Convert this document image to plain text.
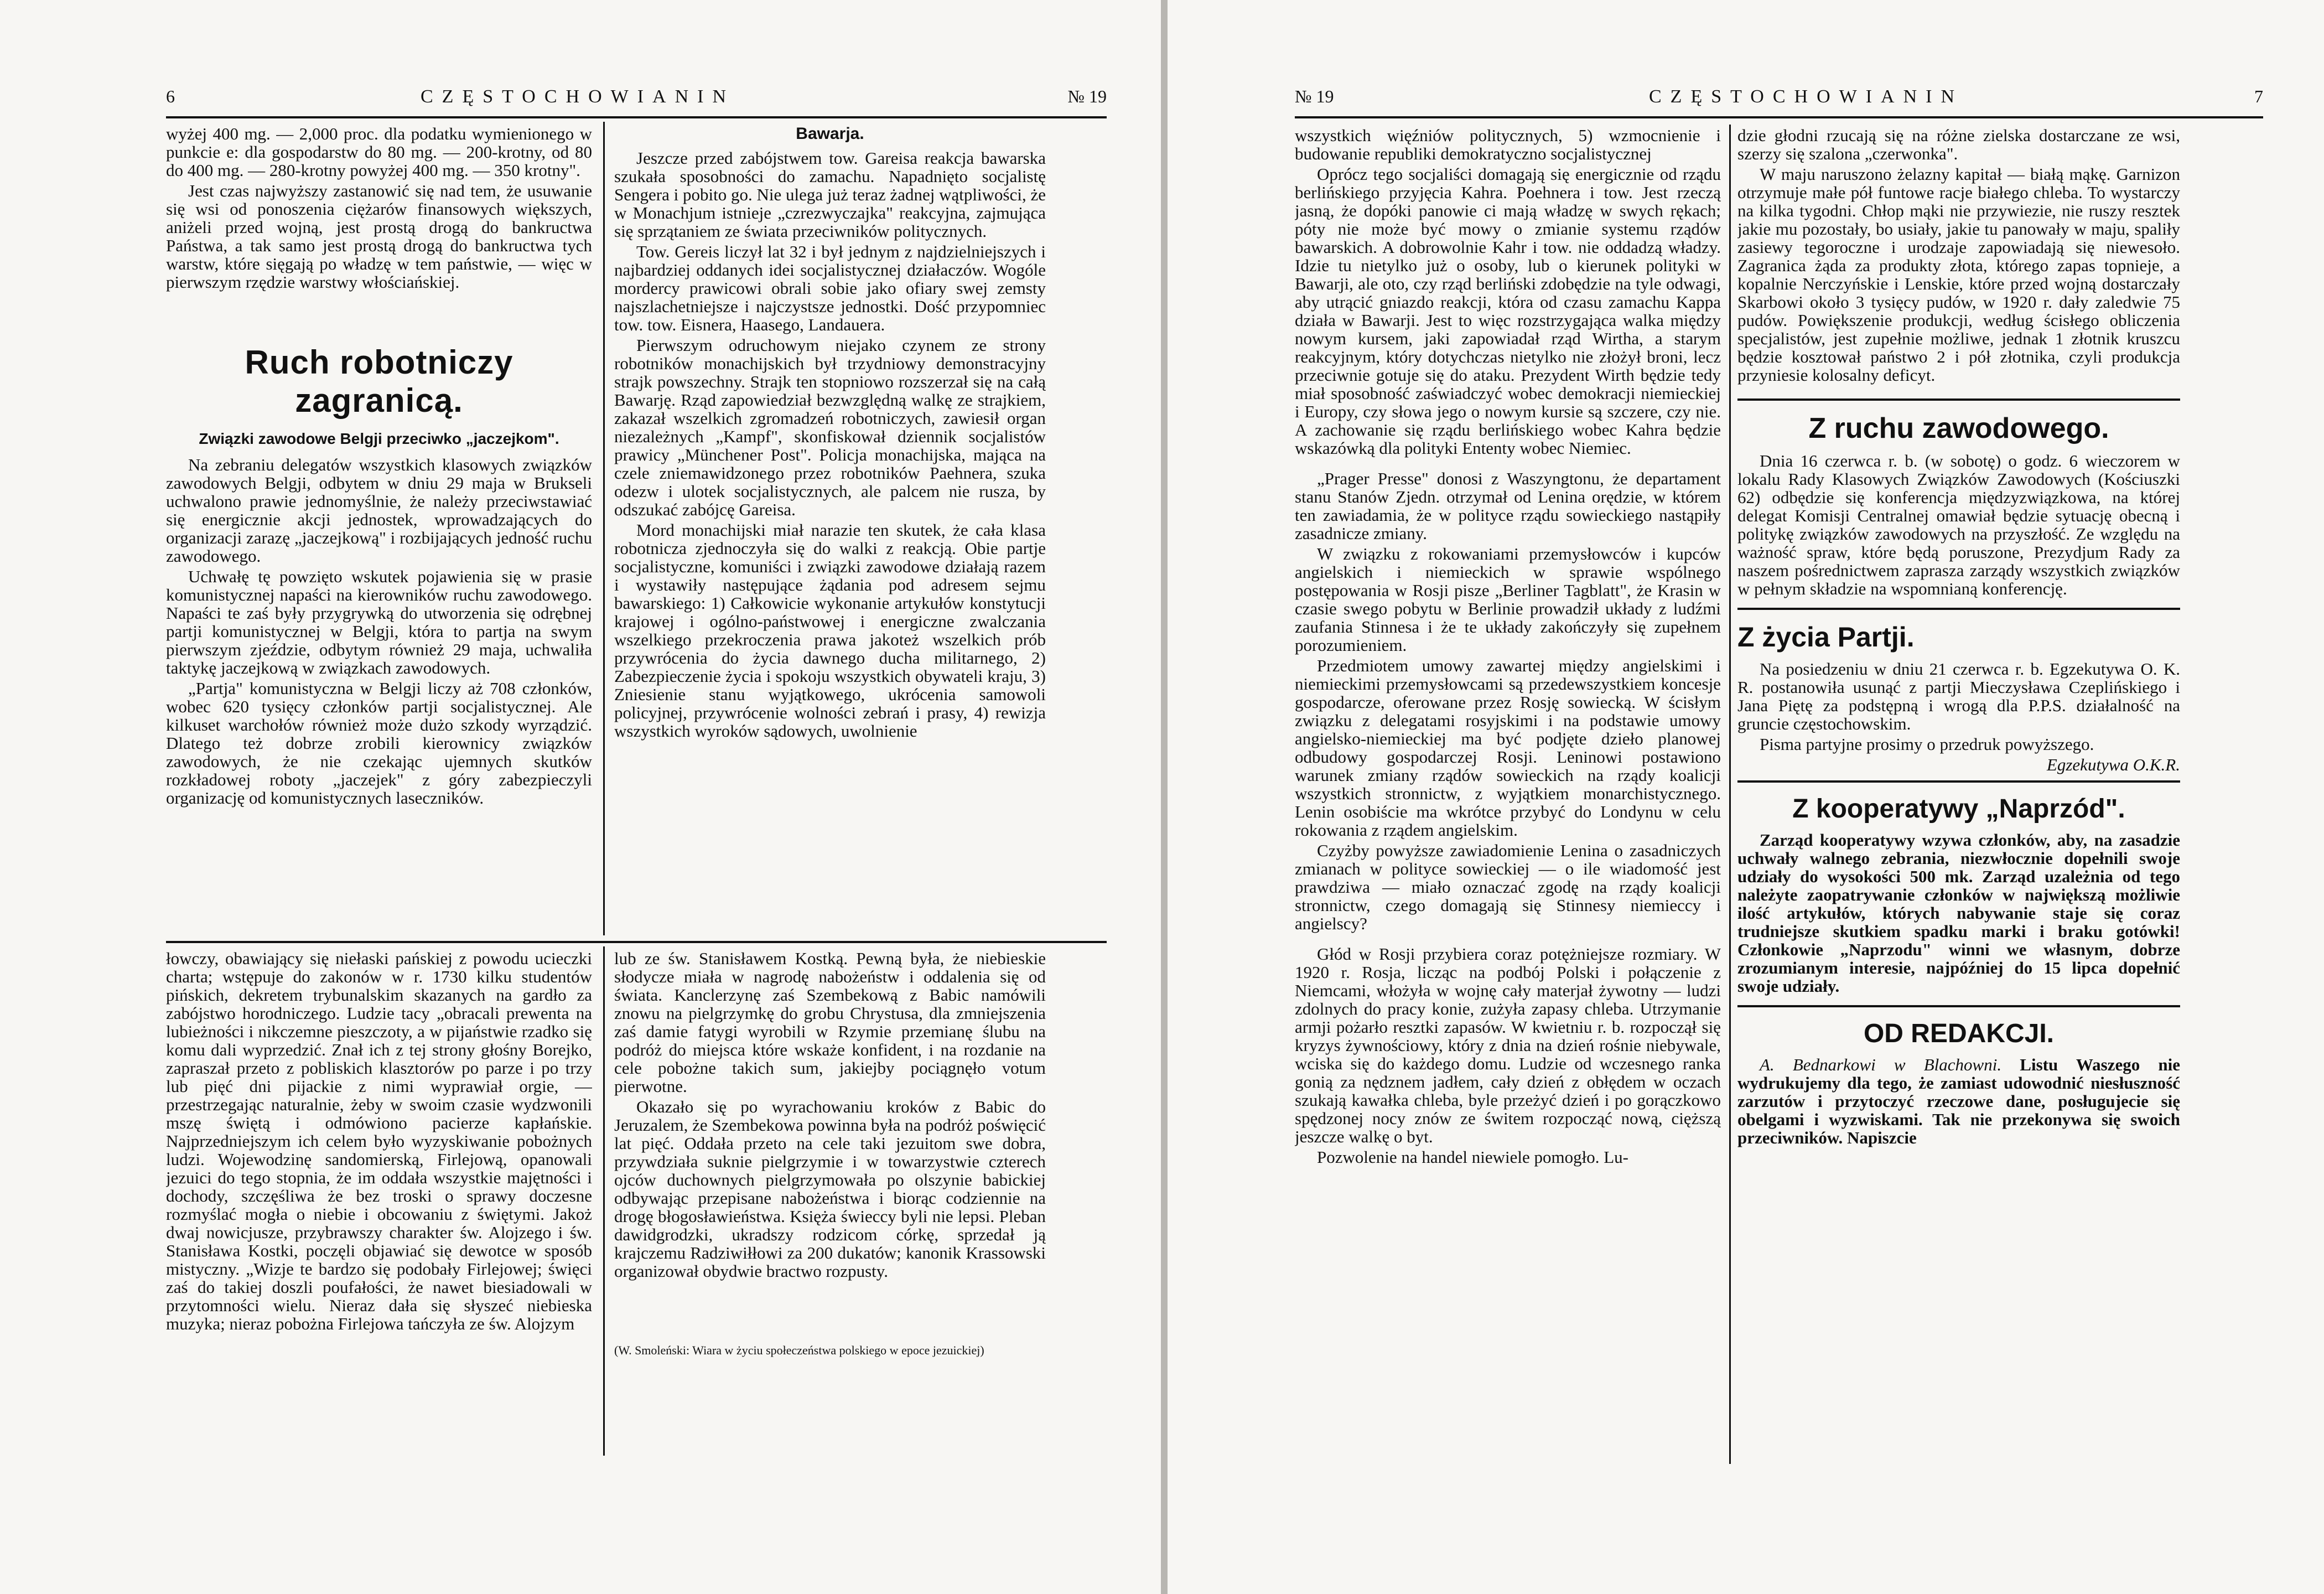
6	CZĘSTOCHOWIANIN	№ 19

wyżej 400 mg. — 2,000 proc. dla podatku wymienionego w punkcie e: dla gospodarstw do 80 mg. — 200-krotny, od 80 do 400 mg. — 280-krotny powyżej 400 mg. — 350 krotny".

Jest czas najwyższy zastanowić się nad tem, że usuwanie się wsi od ponoszenia ciężarów finansowych większych, aniżeli przed wojną, jest prostą drogą do bankructwa Państwa, a tak samo jest prostą drogą do bankructwa tych warstw, które sięgają po władzę w tem państwie, — więc w pierwszym rzędzie warstwy włościańskiej.

Ruch robotniczy zagranicą.

Związki zawodowe Belgji przeciwko „jaczejkom".

Na zebraniu delegatów wszystkich klasowych związków zawodowych Belgji, odbytem w dniu 29 maja w Brukseli uchwalono prawie jednomyślnie, że należy przeciwstawiać się energicznie akcji jednostek, wprowadzających do organizacji zarazę „jaczejkową" i rozbijających jedność ruchu zawodowego.

Uchwałę tę powzięto wskutek pojawienia się w prasie komunistycznej napaści na kierowników ruchu zawodowego. Napaści te zaś były przygrywką do utworzenia się odrębnej partji komunistycznej w Belgji, która to partja na swym pierwszym zjeździe, odbytym również 29 maja, uchwaliła taktykę jaczejkową w związkach zawodowych.

„Partja" komunistyczna w Belgji liczy aż 708 członków, wobec 620 tysięcy członków partji socjalistycznej. Ale kilkuset warchołów również może dużo szkody wyrządzić. Dlatego też dobrze zrobili kierownicy związków zawodowych, że nie czekając ujemnych skutków rozkładowej roboty „jaczejek" z góry zabezpieczyli organizację od komunistycznych laseczników.

Bawarja.

Jeszcze przed zabójstwem tow. Gareisa reakcja bawarska szukała sposobności do zamachu. Napadnięto socjalistę Sengera i pobito go. Nie ulega już teraz żadnej wątpliwości, że w Monachjum istnieje „czrezwyczajka" reakcyjna, zajmująca się sprzątaniem ze świata przeciwników politycznych.

Tow. Gereis liczył lat 32 i był jednym z najdzielniejszych i najbardziej oddanych idei socjalistycznej działaczów. Wogóle mordercy prawicowi obrali sobie jako ofiary swej zemsty najszlachetniejsze i najczystsze jednostki. Dość przypomniec tow. tow. Eisnera, Haasego, Landauera.

Pierwszym odruchowym niejako czynem ze strony robotników monachijskich był trzydniowy demonstracyjny strajk powszechny. Strajk ten stopniowo rozszerzał się na całą Bawarję. Rząd zapowiedział bezwzględną walkę ze strajkiem, zakazał wszelkich zgromadzeń robotniczych, zawiesił organ niezależnych „Kampf", skonfiskował dziennik socjalistów prawicy „Münchener Post". Policja monachijska, mająca na czele zniemawidzonego przez robotników Paehnera, szuka odezw i ulotek socjalistycznych, ale palcem nie rusza, by odszukać zabójcę Gareisa.

Mord monachijski miał narazie ten skutek, że cała klasa robotnicza zjednoczyła się do walki z reakcją. Obie partje socjalistyczne, komuniści i związki zawodowe działają razem i wystawiły następujące żądania pod adresem sejmu bawarskiego: 1) Całkowicie wykonanie artykułów konstytucji krajowej i ogólno-państwowej i energiczne zwalczania wszelkiego przekroczenia prawa jakoteż wszelkich prób przywrócenia do życia dawnego ducha militarnego, 2) Zabezpieczenie życia i spokoju wszystkich obywateli kraju, 3) Zniesienie stanu wyjątkowego, ukrócenia samowoli policyjnej, przywrócenie wolności zebrań i prasy, 4) rewizja wszystkich wyroków sądowych, uwolnienie

łowczy, obawiający się niełaski pańskiej z powodu ucieczki charta; wstępuje do zakonów w r. 1730 kilku studentów pińskich, dekretem trybunalskim skazanych na gardło za zabójstwo horodniczego. Ludzie tacy „obracali prewenta na lubieżności i nikczemne pieszczoty, a w pijaństwie rzadko się komu dali wyprzedzić. Znał ich z tej strony głośny Borejko, zapraszał przeto z pobliskich klasztorów po parze i po trzy lub pięć dni pijackie z nimi wyprawiał orgie, — przestrzegając naturalnie, żeby w swoim czasie wydzwonili mszę świętą i odmówiono pacierze kapłańskie. Najprzedniejszym ich celem było wyzyskiwanie pobożnych ludzi. Wojewodzinę sandomierską, Firlejową, opanowali jezuici do tego stopnia, że im oddała wszystkie majętności i dochody, szczęśliwa że bez troski o sprawy doczesne rozmyślać mogła o niebie i obcowaniu z świętymi. Jakoż dwaj nowicjusze, przybrawszy charakter św. Alojzego i św. Stanisława Kostki, poczęli objawiać się dewotce w sposób mistyczny. „Wizje te bardzo się podobały Firlejowej; święci zaś do takiej doszli poufałości, że nawet biesiadowali w przytomności wielu. Nieraz dała się słyszeć niebieska muzyka; nieraz pobożna Firlejowa tańczyła ze św. Alojzym

lub ze św. Stanisławem Kostką. Pewną była, że niebieskie słodycze miała w nagrodę nabożeństw i oddalenia się od świata. Kanclerzynę zaś Szembekową z Babic namówili znowu na pielgrzymkę do grobu Chrystusa, dla zmniejszenia zaś damie fatygi wyrobili w Rzymie przemianę ślubu na podróż do miejsca które wskaże konfident, i na rozdanie na cele pobożne takich sum, jakiejby pociągnęło votum pierwotne.

Okazało się po wyrachowaniu kroków z Babic do Jeruzalem, że Szembekowa powinna była na podróż poświęcić lat pięć. Oddała przeto na cele taki jezuitom swe dobra, przywdziała suknie pielgrzymie i w towarzystwie czterech ojców duchownych pielgrzymowała po olszynie babickiej odbywając przepisane nabożeństwa i biorąc codziennie na drogę błogosławieństwa. Księża świeccy byli nie lepsi. Pleban dawidgrodzki, ukradszy rodzicom córkę, sprzedał ją krajczemu Radziwiłłowi za 200 dukatów; kanonik Krassowski organizował obydwie bractwo rozpusty.

(W. Smoleński: Wiara w życiu społeczeństwa polskiego w epoce jezuickiej)

№ 19	CZĘSTOCHOWIANIN	7

wszystkich więźniów politycznych, 5) wzmocnienie i budowanie republiki demokratyczno socjalistycznej

Oprócz tego socjaliści domagają się energicznie od rządu berlińskiego przyjęcia Kahra. Poehnera i tow. Jest rzeczą jasną, że dopóki panowie ci mają władzę w swych rękach; póty nie może być mowy o zmianie systemu rządów bawarskich. A dobrowolnie Kahr i tow. nie oddadzą władzy. Idzie tu nietylko już o osoby, lub o kierunek polityki w Bawarji, ale oto, czy rząd berliński zdobędzie na tyle odwagi, aby utrącić gniazdo reakcji, która od czasu zamachu Kappa działa w Bawarji. Jest to więc rozstrzygająca walka między nowym kursem, jaki zapowiadał rząd Wirtha, a starym reakcyjnym, który dotychczas nietylko nie złożył broni, lecz przeciwnie gotuje się do ataku. Prezydent Wirth będzie tedy miał sposobność zaświadczyć wobec demokracji niemieckiej i Europy, czy słowa jego o nowym kursie są szczere, czy nie. A zachowanie się rządu berlińskiego wobec Kahra będzie wskazówką dla polityki Ententy wobec Niemiec.

„Prager Presse" donosi z Waszyngtonu, że departament stanu Stanów Zjedn. otrzymał od Lenina orędzie, w którem ten zawiadamia, że w polityce rządu sowieckiego nastąpiły zasadnicze zmiany.

W związku z rokowaniami przemysłowców i kupców angielskich i niemieckich w sprawie wspólnego postępowania w Rosji pisze „Berliner Tagblatt", że Krasin w czasie swego pobytu w Berlinie prowadził układy z ludźmi zaufania Stinnesa i że te układy zakończyły się zupełnem porozumieniem.

Przedmiotem umowy zawartej między angielskimi i niemieckimi przemysłowcami są przedewszystkiem koncesje gospodarcze, oferowane przez Rosję sowiecką. W ścisłym związku z delegatami rosyjskimi i na podstawie umowy angielsko-niemieckiej ma być podjęte dzieło planowej odbudowy gospodarczej Rosji. Leninowi postawiono warunek zmiany rządów sowieckich na rządy koalicji wszystkich stronnictw, z wyjątkiem monarchistycznego. Lenin osobiście ma wkrótce przybyć do Londynu w celu rokowania z rządem angielskim.

Czyżby powyższe zawiadomienie Lenina o zasadniczych zmianach w polityce sowieckiej — o ile wiadomość jest prawdziwa — miało oznaczać zgodę na rządy koalicji stronnictw, czego domagają się Stinnesy niemieccy i angielscy?

Głód w Rosji przybiera coraz potężniejsze rozmiary. W 1920 r. Rosja, licząc na podbój Polski i połączenie z Niemcami, włożyła w wojnę cały materjał żywotny — ludzi zdolnych do pracy konie, zużyła zapasy chleba. Utrzymanie armji pożarło resztki zapasów. W kwietniu r. b. rozpoczął się kryzys żywnościowy, który z dnia na dzień rośnie niebywale, wciska się do każdego domu. Ludzie od wczesnego ranka gonią za nędznem jadłem, cały dzień z obłędem w oczach szukają kawałka chleba, byle przeżyć dzień i po gorączkowo spędzonej nocy znów ze świtem rozpocząć nową, cięższą jeszcze walkę o byt.

Pozwolenie na handel niewiele pomogło. Lu-

dzie głodni rzucają się na różne zielska dostarczane ze wsi, szerzy się szalona „czerwonka".

W maju naruszono żelazny kapitał — białą mąkę. Garnizon otrzymuje małe pół funtowe racje białego chleba. To wystarczy na kilka tygodni. Chłop mąki nie przywiezie, nie ruszy resztek jakie mu pozostały, bo usiały, jakie tu panowały w maju, spaliły zasiewy tegoroczne i urodzaje zapowiadają się niewesoło. Zagranica żąda za produkty złota, którego zapas topnieje, a kopalnie Nerczyńskie i Lenskie, które przed wojną dostarczały Skarbowi około 3 tysięcy pudów, w 1920 r. dały zaledwie 75 pudów. Powiększenie produkcji, według ścisłego obliczenia specjalistów, jest zupełnie możliwe, jednak 1 złotnik kruszcu będzie kosztował państwo 2 i pół złotnika, czyli produkcja przyniesie kolosalny deficyt.

Z ruchu zawodowego.

Dnia 16 czerwca r. b. (w sobotę) o godz. 6 wieczorem w lokalu Rady Klasowych Związków Zawodowych (Kościuszki 62) odbędzie się konferencja międzyzwiązkowa, na której delegat Komisji Centralnej omawiał będzie sytuację obecną i politykę związków zawodowych na przyszłość. Ze względu na ważność spraw, które będą poruszone, Prezydjum Rady za naszem pośrednictwem zaprasza zarządy wszystkich związków w pełnym składzie na wspomnianą konferencję.

Z życia Partji.

Na posiedzeniu w dniu 21 czerwca r. b. Egzekutywa O. K. R. postanowiła usunąć z partji Mieczysława Czeplińskiego i Jana Piętę za podstępną i wrogą dla P.P.S. działalność na gruncie częstochowskim.

Pisma partyjne prosimy o przedruk powyższego.

Egzekutywa O.K.R.

Z kooperatywy „Naprzód".

Zarząd kooperatywy wzywa członków, aby, na zasadzie uchwały walnego zebrania, niezwłocznie dopełnili swoje udziały do wysokości 500 mk. Zarząd uzależnia od tego należyte zaopatrywanie członków w największą możliwie ilość artykułów, których nabywanie staje się coraz trudniejsze skutkiem spadku marki i braku gotówki! Członkowie „Naprzodu" winni we własnym, dobrze zrozumianym interesie, najpóźniej do 15 lipca dopełnić swoje udziały.

OD REDAKCJI.

A. Bednarkowi w Blachowni. Listu Waszego nie wydrukujemy dla tego, że zamiast udowodnić niesłuszność zarzutów i przytoczyć rzeczowe dane, posługujecie się obelgami i wyzwiskami. Tak nie przekonywa się swoich przeciwników. Napiszcie
